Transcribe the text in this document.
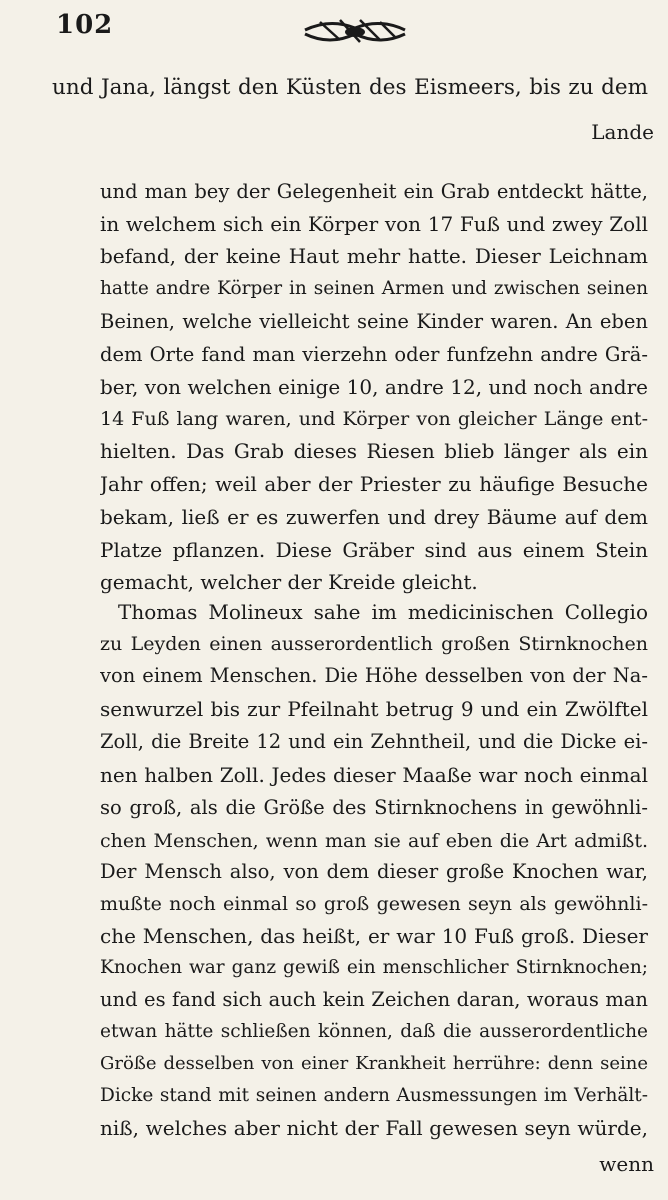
102
und Jana, längst den Küsten des Eismeers, bis zu dem
Lande
und man bey der Gelegenheit ein Grab entdeckt hätte,
in welchem sich ein Körper von 17 Fuß und zwey Zoll
befand, der keine Haut mehr hatte. Dieser Leichnam
hatte andre Körper in seinen Armen und zwischen seinen
Beinen, welche vielleicht seine Kinder waren. An eben
dem Orte fand man vierzehn oder funfzehn andre Grä-
ber, von welchen einige 10, andre 12, und noch andre
14 Fuß lang waren, und Körper von gleicher Länge ent-
hielten. Das Grab dieses Riesen blieb länger als ein
Jahr offen; weil aber der Priester zu häufige Besuche
bekam, ließ er es zuwerfen und drey Bäume auf dem
Platze pflanzen. Diese Gräber sind aus einem Stein
gemacht, welcher der Kreide gleicht.
Thomas Molineux sahe im medicinischen Collegio
zu Leyden einen ausserordentlich großen Stirnknochen
von einem Menschen. Die Höhe desselben von der Na-
senwurzel bis zur Pfeilnaht betrug 9 und ein Zwölftel
Zoll, die Breite 12 und ein Zehntheil, und die Dicke ei-
nen halben Zoll. Jedes dieser Maaße war noch einmal
so groß, als die Größe des Stirnknochens in gewöhnli-
chen Menschen, wenn man sie auf eben die Art admißt.
Der Mensch also, von dem dieser große Knochen war,
mußte noch einmal so groß gewesen seyn als gewöhnli-
che Menschen, das heißt, er war 10 Fuß groß. Dieser
Knochen war ganz gewiß ein menschlicher Stirnknochen;
und es fand sich auch kein Zeichen daran, woraus man
etwan hätte schließen können, daß die ausserordentliche
Größe desselben von einer Krankheit herrühre: denn seine
Dicke stand mit seinen andern Ausmessungen im Verhält-
niß, welches aber nicht der Fall gewesen seyn würde,
wenn
